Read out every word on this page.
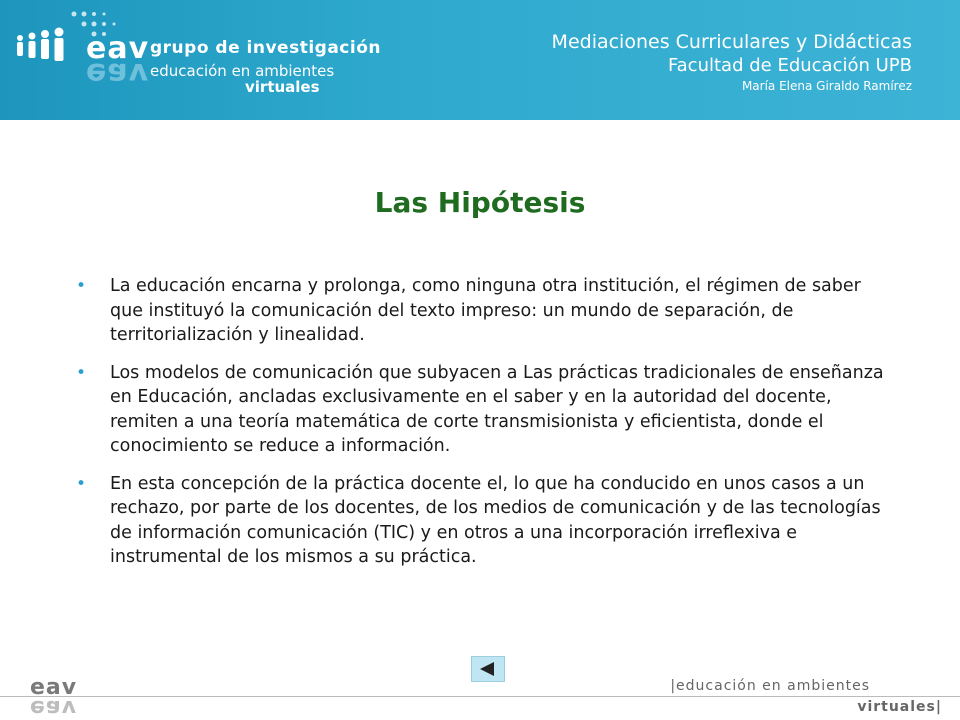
eav
eav
grupo de investigación
educación en ambientes
virtuales
Mediaciones Curriculares y Didácticas
Facultad de Educación UPB
María Elena Giraldo Ramírez
Las Hipótesis
• La educación encarna y prolonga, como ninguna otra institución, el régimen de saber que instituyó la comunicación del texto impreso: un mundo de separación, de territorialización y linealidad.
• Los modelos de comunicación que subyacen a Las prácticas tradicionales de enseñanza en Educación, ancladas exclusivamente en el saber y en la autoridad del docente, remiten a una teoría matemática de corte transmisionista y eficientista, donde el conocimiento se reduce a información.
• En esta concepción de la práctica docente el, lo que ha conducido en unos casos a un rechazo, por parte de los docentes, de los medios de comunicación y de las tecnologías de información comunicación (TIC) y en otros a una incorporación irreflexiva e instrumental de los mismos a su práctica.
eav
eav
|educación en ambientes
virtuales|
